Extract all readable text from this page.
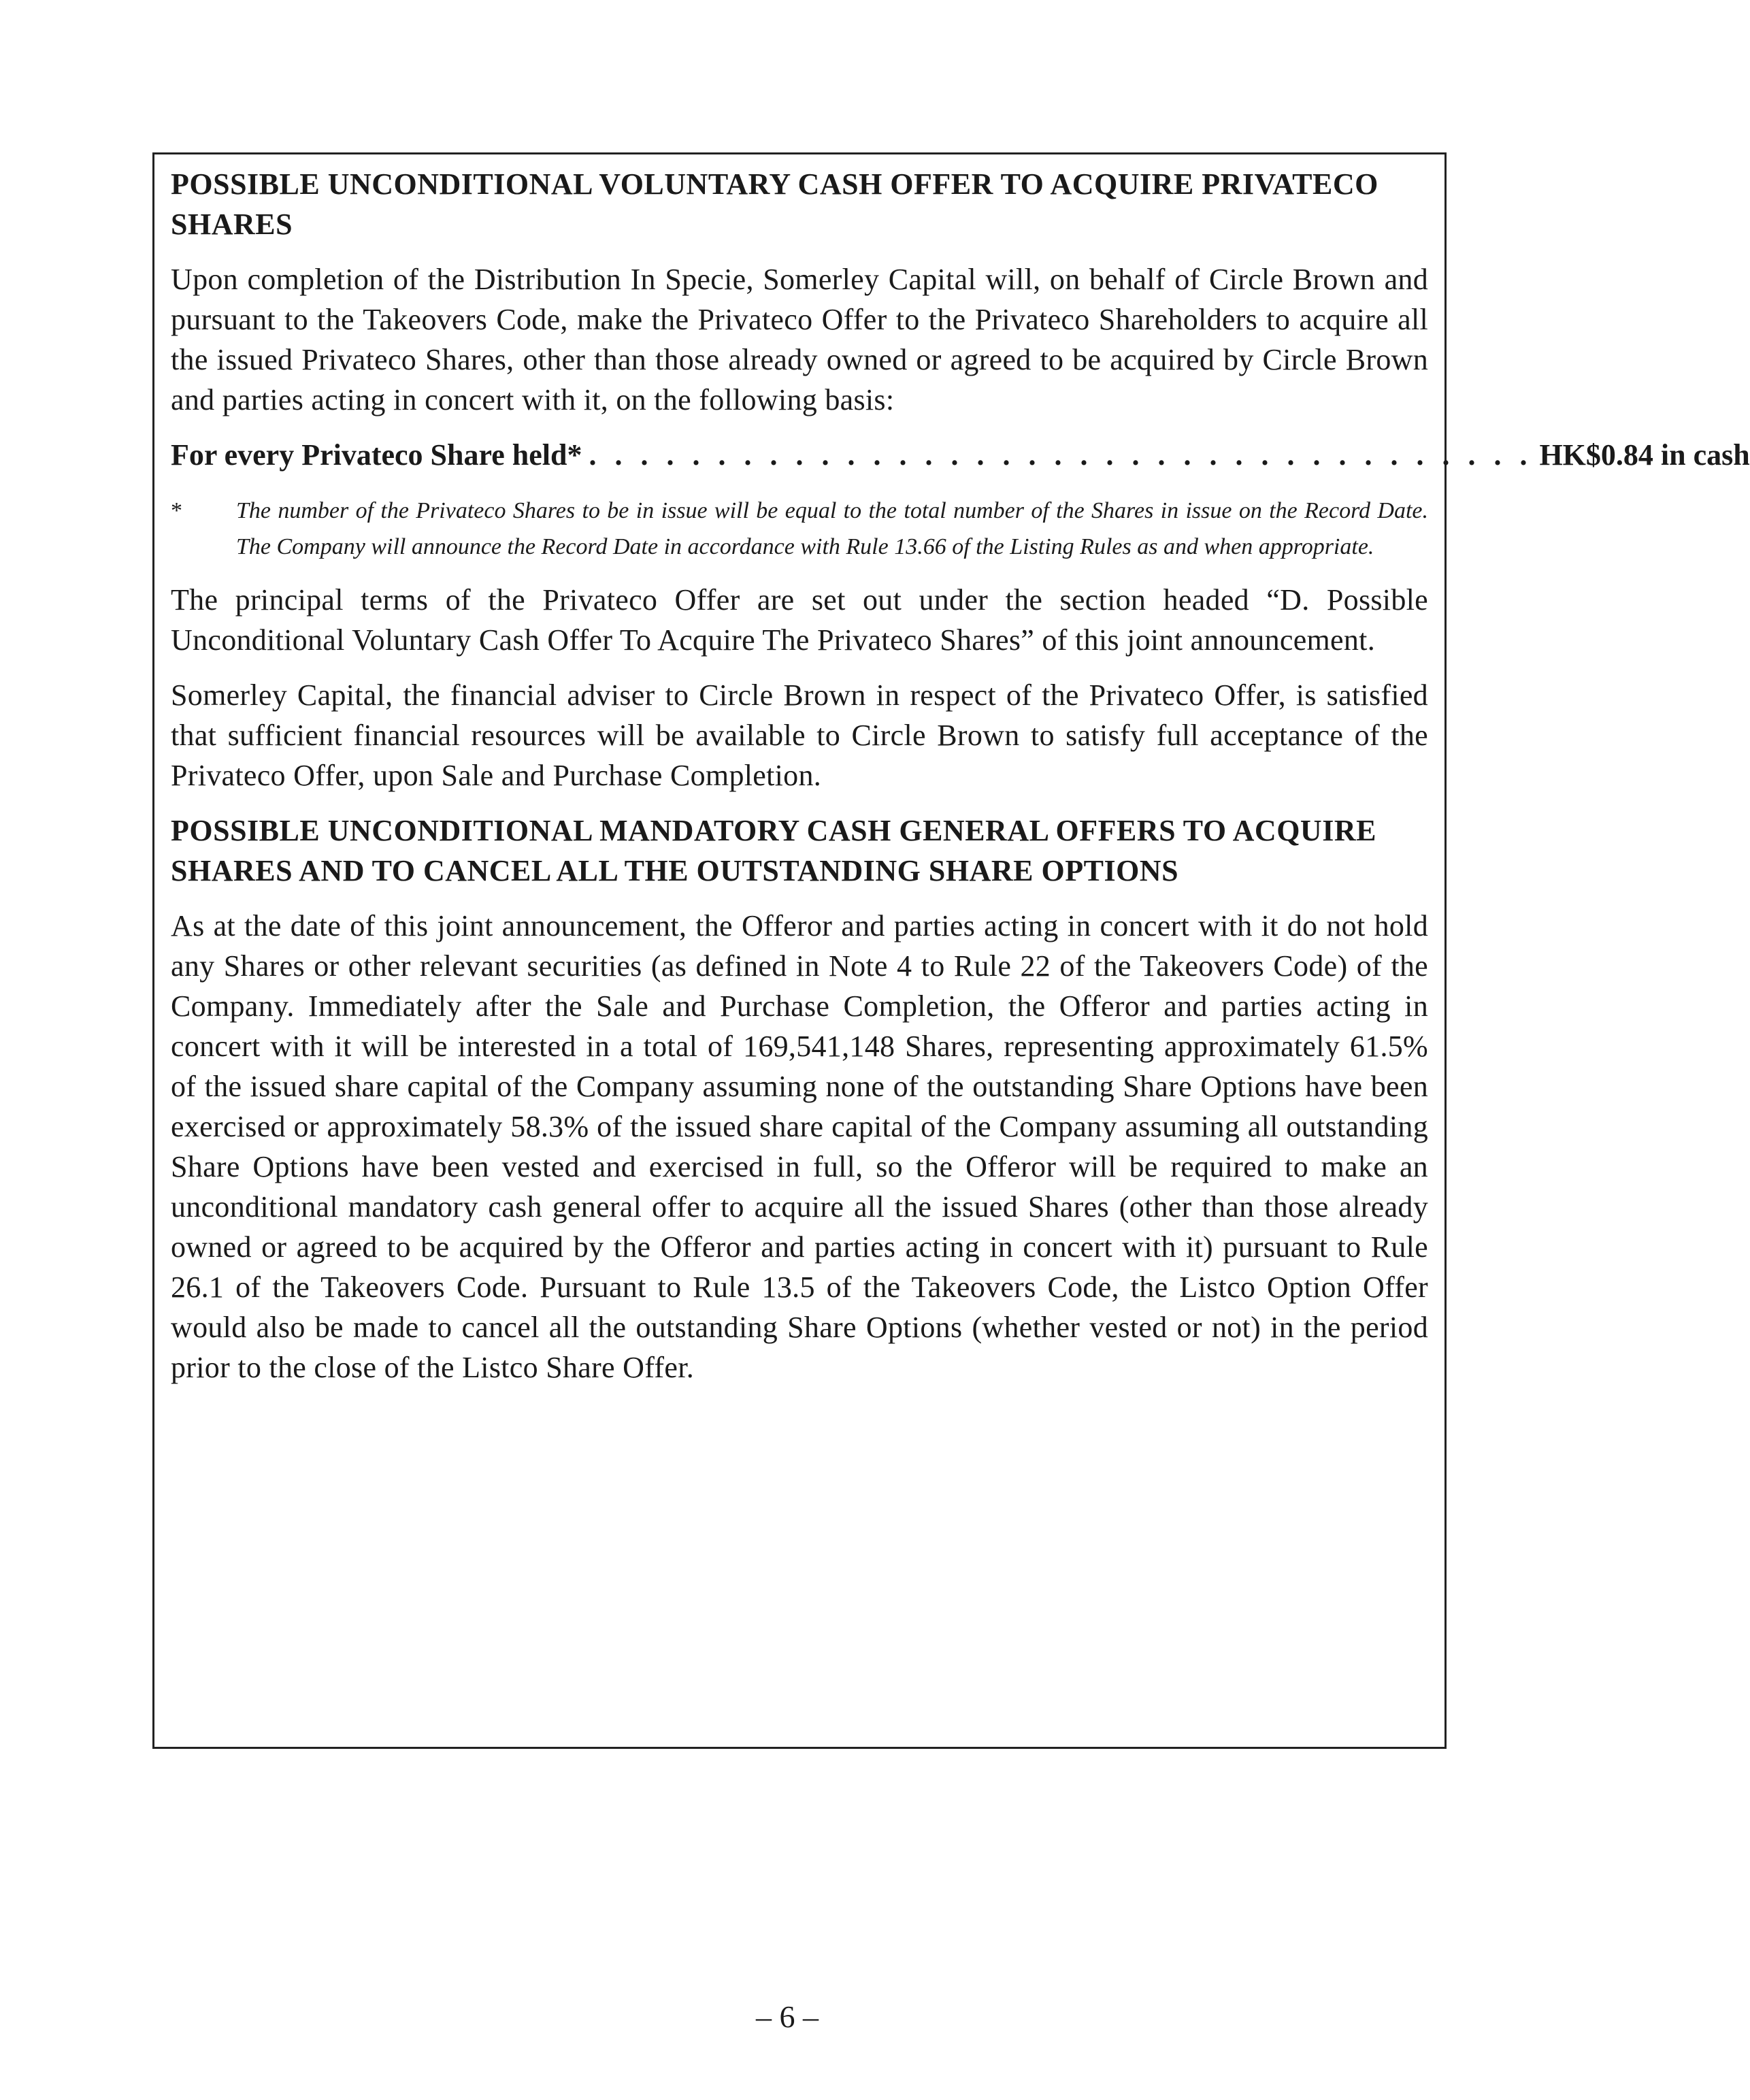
POSSIBLE UNCONDITIONAL VOLUNTARY CASH OFFER TO ACQUIRE PRIVATECO SHARES

Upon completion of the Distribution In Specie, Somerley Capital will, on behalf of Circle Brown and pursuant to the Takeovers Code, make the Privateco Offer to the Privateco Shareholders to acquire all the issued Privateco Shares, other than those already owned or agreed to be acquired by Circle Brown and parties acting in concert with it, on the following basis:

For every Privateco Share held* . . . . . . . . . . . . . . . . . . . . . . . . . . . . . . . . . . . . . HK$0.84 in cash
*	The number of the Privateco Shares to be in issue will be equal to the total number of the Shares in issue on the Record Date. The Company will announce the Record Date in accordance with Rule 13.66 of the Listing Rules as and when appropriate.

The principal terms of the Privateco Offer are set out under the section headed “D. Possible Unconditional Voluntary Cash Offer To Acquire The Privateco Shares” of this joint announcement.

Somerley Capital, the financial adviser to Circle Brown in respect of the Privateco Offer, is satisfied that sufficient financial resources will be available to Circle Brown to satisfy full acceptance of the Privateco Offer, upon Sale and Purchase Completion.

POSSIBLE UNCONDITIONAL MANDATORY CASH GENERAL OFFERS TO ACQUIRE SHARES AND TO CANCEL ALL THE OUTSTANDING SHARE OPTIONS

As at the date of this joint announcement, the Offeror and parties acting in concert with it do not hold any Shares or other relevant securities (as defined in Note 4 to Rule 22 of the Takeovers Code) of the Company. Immediately after the Sale and Purchase Completion, the Offeror and parties acting in concert with it will be interested in a total of 169,541,148 Shares, representing approximately 61.5% of the issued share capital of the Company assuming none of the outstanding Share Options have been exercised or approximately 58.3% of the issued share capital of the Company assuming all outstanding Share Options have been vested and exercised in full, so the Offeror will be required to make an unconditional mandatory cash general offer to acquire all the issued Shares (other than those already owned or agreed to be acquired by the Offeror and parties acting in concert with it) pursuant to Rule 26.1 of the Takeovers Code. Pursuant to Rule 13.5 of the Takeovers Code, the Listco Option Offer would also be made to cancel all the outstanding Share Options (whether vested or not) in the period prior to the close of the Listco Share Offer.

– 6 –
